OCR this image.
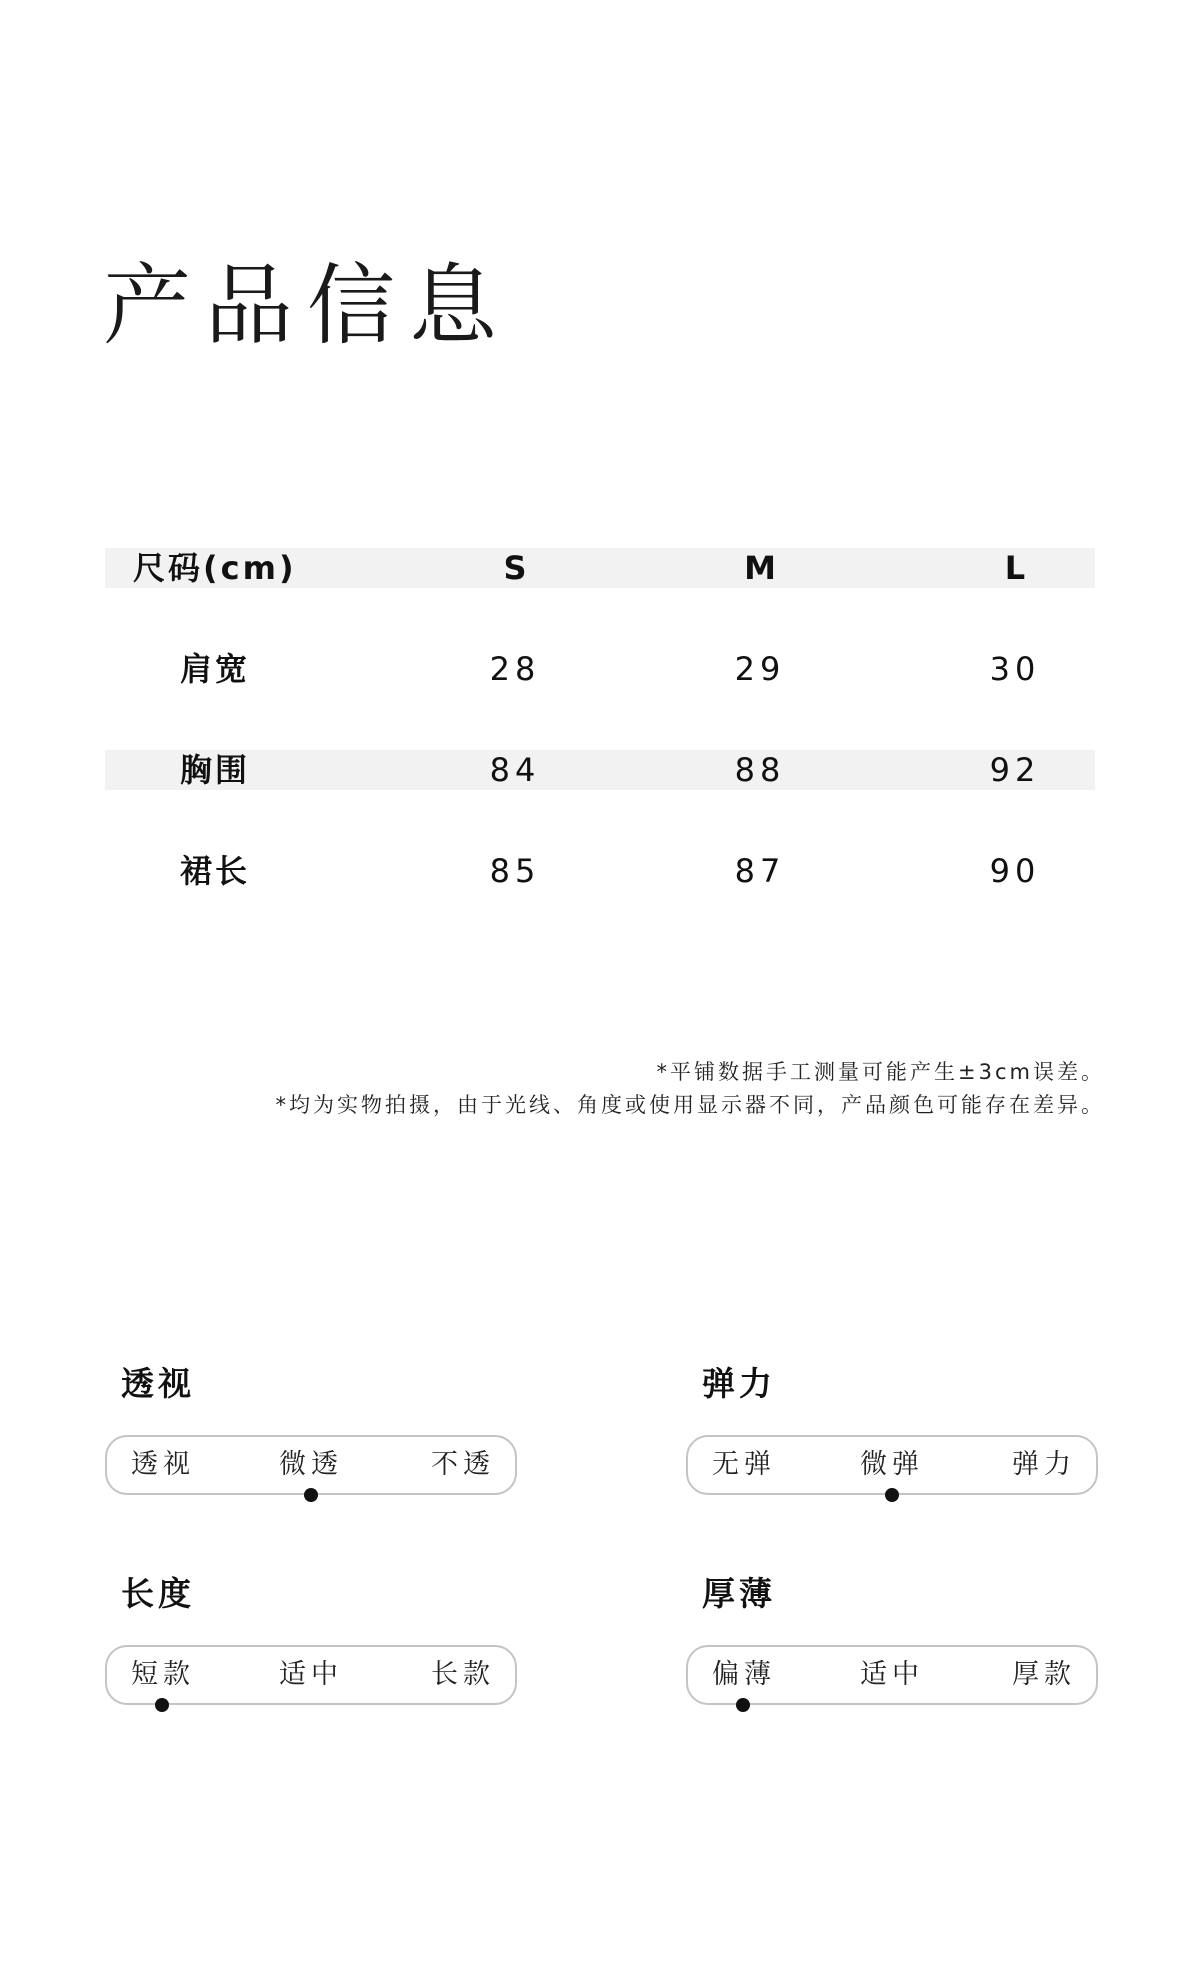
产品信息
尺码(cm)	S	M	L
肩宽	28	29	30
胸围	84	88	92
裙长	85	87	90
*平铺数据手工测量可能产生±3cm误差。
*均为实物拍摄，由于光线、角度或使用显示器不同，产品颜色可能存在差异。
透视
透视	微透	不透
弹力
无弹	微弹	弹力
长度
短款	适中	长款
厚薄
偏薄	适中	厚款
